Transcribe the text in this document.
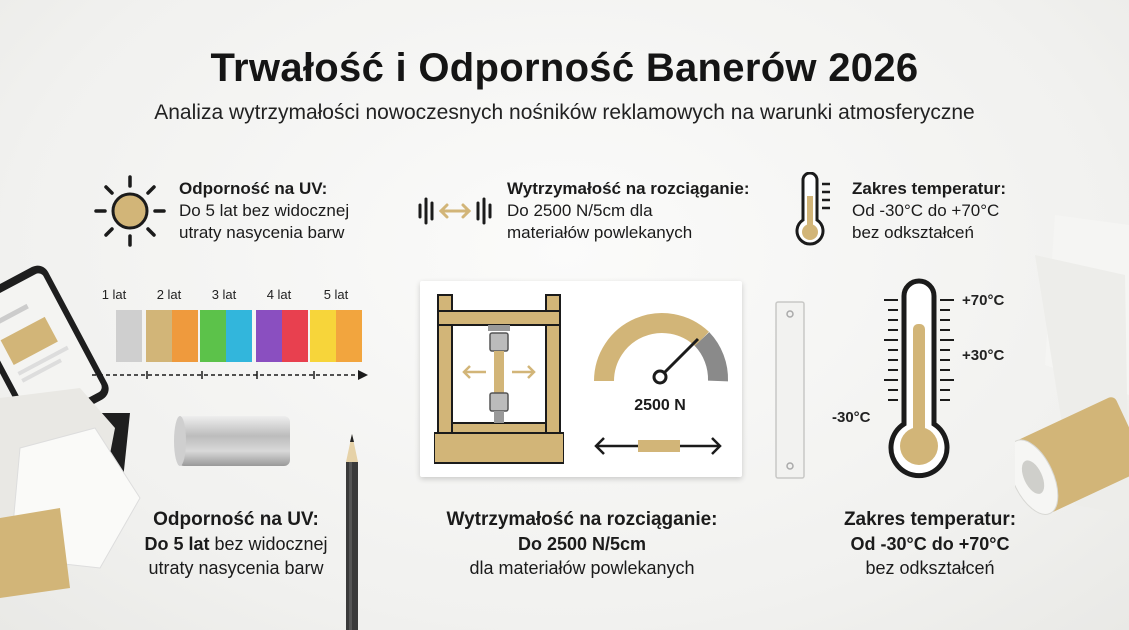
Trwałość i Odporność Banerów 2026
Analiza wytrzymałości nowoczesnych nośników reklamowych na warunki atmosferyczne
Odporność na UV:
Do 5 lat bez widocznej
utraty nasycenia barw
Wytrzymałość na rozciąganie:
Do 2500 N/5cm dla
materiałów powlekanych
Zakres temperatur:
Od -30°C do +70°C
bez odkształceń
1 lat	2 lat	3 lat	4 lat	5 lat
2500 N
+70°C
+30°C
-30°C
Odporność na UV:
Do 5 lat bez widocznej
utraty nasycenia barw
Wytrzymałość na rozciąganie:
Do 2500 N/5cm
dla materiałów powlekanych
Zakres temperatur:
Od -30°C do +70°C
bez odkształceń
